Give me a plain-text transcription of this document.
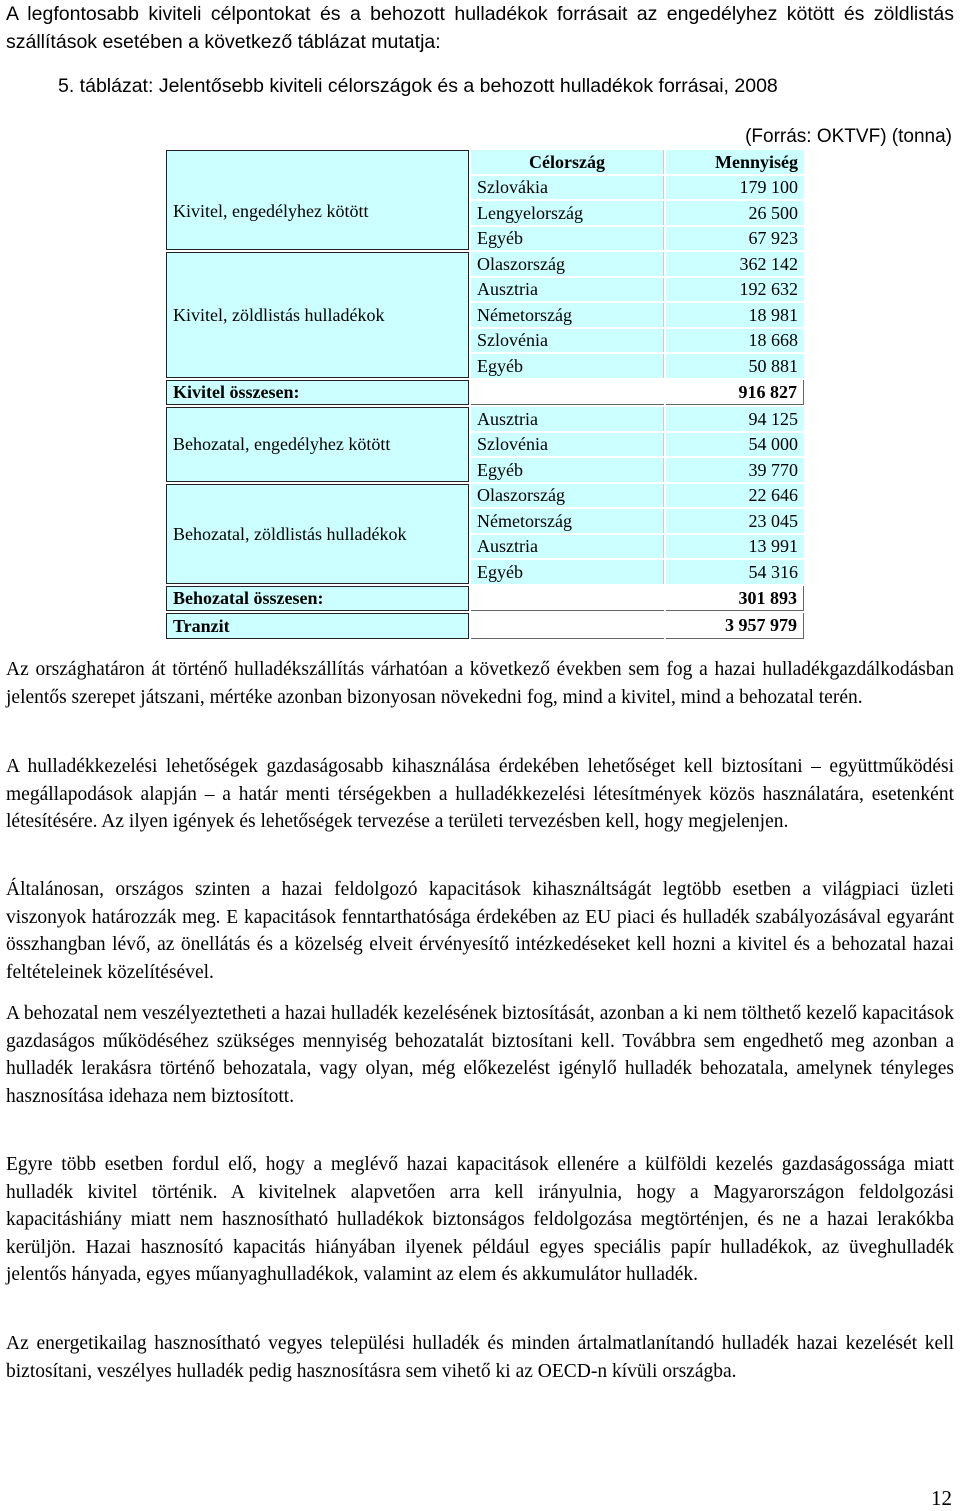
A legfontosabb kiviteli célpontokat és a behozott hulladékok forrásait az engedélyhez kötött és zöldlistás szállítások esetében a következő táblázat mutatja:
5. táblázat: Jelentősebb kiviteli célországok és a behozott hulladékok forrásai, 2008
(Forrás: OKTVF) (tonna)
Kivitel, engedélyhez kötött	Célország	Mennyiség
	Szlovákia	179 100
	Lengyelország	26 500
	Egyéb	67 923
Kivitel, zöldlistás hulladékok	Olaszország	362 142
	Ausztria	192 632
	Németország	18 981
	Szlovénia	18 668
	Egyéb	50 881
Kivitel összesen:		916 827
Behozatal, engedélyhez kötött	Ausztria	94 125
	Szlovénia	54 000
	Egyéb	39 770
Behozatal, zöldlistás hulladékok	Olaszország	22 646
	Németország	23 045
	Ausztria	13 991
	Egyéb	54 316
Behozatal összesen:		301 893
Tranzit		3 957 979

Az országhatáron át történő hulladékszállítás várhatóan a következő években sem fog a hazai hulladékgazdálkodásban jelentős szerepet játszani, mértéke azonban bizonyosan növekedni fog, mind a kivitel, mind a behozatal terén.

A hulladékkezelési lehetőségek gazdaságosabb kihasználása érdekében lehetőséget kell biztosítani – együttműködési megállapodások alapján – a határ menti térségekben a hulladékkezelési létesítmények közös használatára, esetenként létesítésére. Az ilyen igények és lehetőségek tervezése a területi tervezésben kell, hogy megjelenjen.

Általánosan, országos szinten a hazai feldolgozó kapacitások kihasználtságát legtöbb esetben a világpiaci üzleti viszonyok határozzák meg. E kapacitások fenntarthatósága érdekében az EU piaci és hulladék szabályozásával egyaránt összhangban lévő, az önellátás és a közelség elveit érvényesítő intézkedéseket kell hozni a kivitel és a behozatal hazai feltételeinek közelítésével.

A behozatal nem veszélyeztetheti a hazai hulladék kezelésének biztosítását, azonban a ki nem tölthető kezelő kapacitások gazdaságos működéséhez szükséges mennyiség behozatalát biztosítani kell. Továbbra sem engedhető meg azonban a hulladék lerakásra történő behozatala, vagy olyan, még előkezelést igénylő hulladék behozatala, amelynek tényleges hasznosítása idehaza nem biztosított.

Egyre több esetben fordul elő, hogy a meglévő hazai kapacitások ellenére a külföldi kezelés gazdaságossága miatt hulladék kivitel történik. A kivitelnek alapvetően arra kell irányulnia, hogy a Magyarországon feldolgozási kapacitáshiány miatt nem hasznosítható hulladékok biztonságos feldolgozása megtörténjen, és ne a hazai lerakókba kerüljön. Hazai hasznosító kapacitás hiányában ilyenek például egyes speciális papír hulladékok, az üveghulladék jelentős hányada, egyes műanyaghulladékok, valamint az elem és akkumulátor hulladék.

Az energetikailag hasznosítható vegyes települési hulladék és minden ártalmatlanítandó hulladék hazai kezelését kell biztosítani, veszélyes hulladék pedig hasznosításra sem vihető ki az OECD-n kívüli országba.

12
